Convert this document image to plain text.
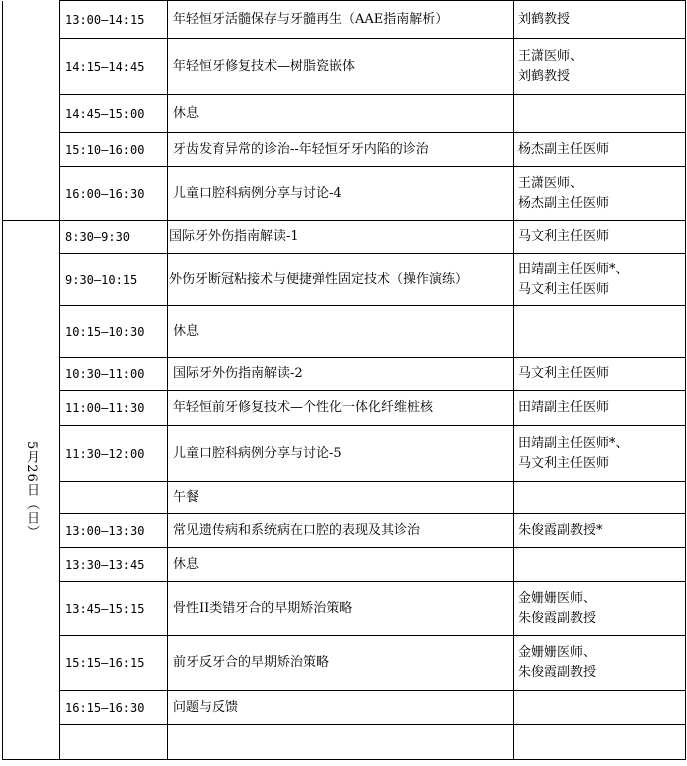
	13:00–14:15	年轻恒牙活髓保存与牙髓再生（AAE指南解析）	刘鹤教授

	14:15–14:45	年轻恒牙修复技术—树脂瓷嵌体	王潇医师、
刘鹤教授

	14:45–15:00	休息	
	15:10–16:00	牙齿发育异常的诊治--年轻恒牙牙内陷的诊治	杨杰副主任医师

	16:00–16:30	儿童口腔科病例分享与讨论-4	王潇医师、
杨杰副主任医师

5月26日（日）	8:30–9:30	国际牙外伤指南解读-1	马文利主任医师

	9:30–10:15	外伤牙断冠粘接术与便捷弹性固定技术（操作演练）	田靖副主任医师*、
马文利主任医师

	10:15–10:30	休息	
	10:30–11:00	国际牙外伤指南解读-2	马文利主任医师

	11:00–11:30	年轻恒前牙修复技术—个性化一体化纤维桩核	田靖副主任医师

	11:30–12:00	儿童口腔科病例分享与讨论-5	田靖副主任医师*、
马文利主任医师

		午餐	
	13:00–13:30	常见遗传病和系统病在口腔的表现及其诊治	朱俊霞副教授*

	13:30–13:45	休息	
	13:45–15:15	骨性II类错牙合的早期矫治策略	金姗姗医师、
朱俊霞副教授

	15:15–16:15	前牙反牙合的早期矫治策略	金姗姗医师、
朱俊霞副教授

	16:15–16:30	问题与反馈	
